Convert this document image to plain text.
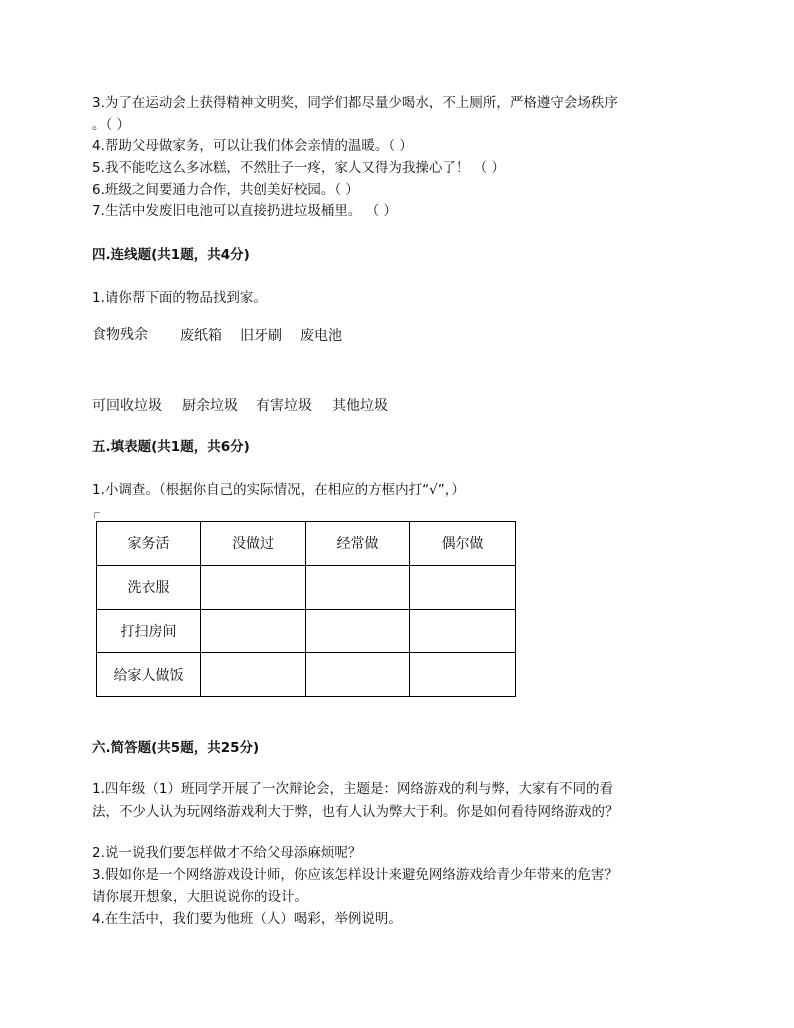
3.为了在运动会上获得精神文明奖，同学们都尽量少喝水，不上厕所，严格遵守会场秩序
。（ ）
4.帮助父母做家务，可以让我们体会亲情的温暖。（ ）
5.我不能吃这么多冰糕，不然肚子一疼，家人又得为我操心了！ （ ）
6.班级之间要通力合作，共创美好校园。（ ）
7.生活中发废旧电池可以直接扔进垃圾桶里。 （ ）
四.连线题(共1题，共4分)
1.请你帮下面的物品找到家。
食物残余 废纸箱 旧牙刷 废电池
可回收垃圾 厨余垃圾 有害垃圾 其他垃圾
五.填表题(共1题，共6分)
1.小调查。（根据你自己的实际情况，在相应的方框内打“√”，）
家务活	没做过	经常做	偶尔做
洗衣服			
打扫房间			
给家人做饭			
六.简答题(共5题，共25分)
1.四年级（1）班同学开展了一次辩论会，主题是：网络游戏的利与弊，大家有不同的看
法，不少人认为玩网络游戏利大于弊，也有人认为弊大于利。你是如何看待网络游戏的？
2.说一说我们要怎样做才不给父母添麻烦呢？
3.假如你是一个网络游戏设计师，你应该怎样设计来避免网络游戏给青少年带来的危害？
请你展开想象，大胆说说你的设计。
4.在生活中，我们要为他班（人）喝彩，举例说明。
